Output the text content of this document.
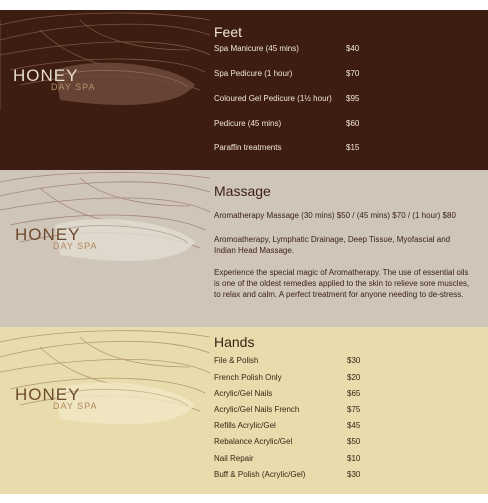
HONEY
DAY SPA
Feet
Spa Manicure (45 mins)	$40
Spa Pedicure (1 hour)	$70
Coloured Gel Pedicure (1½ hour) $95
Pedicure (45 mins)	$60
Paraffin treatments	$15
HONEY
DAY SPA
Massage
Aromatherapy Massage (30 mins) $50 / (45 mins) $70 / (1 hour) $80
Aromoatherapy, Lymphatic Drainage, Deep Tissue, Myofascial and Indian Head Massage.
Experience the special magic of Aromatherapy. The use of essential oils is one of the oldest remedies applied to the skin to relieve sore muscles, to relax and calm. A perfect treatment for anyone needing to de-stress.
HONEY
DAY SPA
Hands
File & Polish	$30
French Polish Only	$20
Acrylic/Gel Nails	$65
Acrylic/Gel Nails French	$75
Refills Acrylic/Gel	$45
Rebalance Acrylic/Gel	$50
Nail Repair	$10
Buff & Polish (Acrylic/Gel)	$30
